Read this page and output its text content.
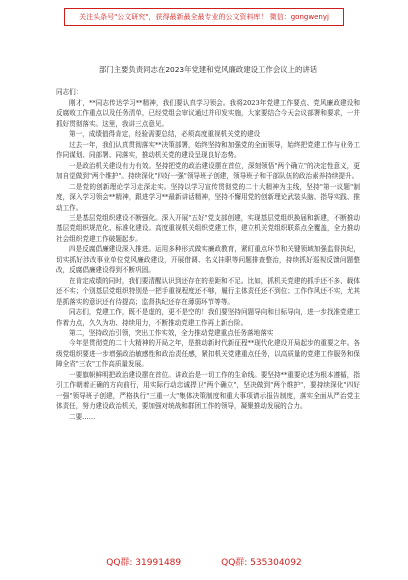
关注头条号"公文研究"，获得最新最全最专业的公文资料库！ 微信：gongwenyj
部门主要负责同志在2023年党建和党风廉政建设工作会议上的讲话
同志们：

刚才，**同志传达学习**精神，我们要认真学习领会。我将2023年党建工作要点、党风廉政建设和反腐败工作重点以及任务清单，已经党组会审议通过并印发实施，大家要结合今天会议部署和要求，一并抓好贯彻落实。这里，我讲三点意见。

第一，成绩值得肯定，经验需要总结，必须高度重视机关党的建设

过去一年，我们认真贯彻落实**决策部署，始终坚持和加强党的全面领导，始终把党建工作与业务工作同谋划、同部署、同落实，推动机关党的建设呈现良好态势。

一是政治机关建设有力有效。坚持把党的政治建设摆在首位，深刻领悟"两个确立"的决定性意义，更加自觉做到"两个维护"。持续深化"四好一强"领导班子创建，领导班子和干部队伍的政治素养持续提升。

二是党的创新理论学习走深走实。坚持以学习宣传贯彻党的二十大精神为主线，坚持"第一议题"制度，深入学习领会**精神，跟进学习**最新讲话精神，坚持不懈用党的创新理论武装头脑、指导实践、推动工作。

三是基层党组织建设不断强化。深入开展"五好"党支部创建，实现基层党组织换届和新建，不断推动基层党组织规范化、标准化建设。高度重视机关组织党建工作，建立机关党组织联系点全覆盖，全力推动社会组织党建工作破题起步。

四是反腐倡廉建设深入推进。运用多种形式做实廉政教育，紧盯重点环节和关键领域加强监督执纪，切实抓好涉改事业单位党风廉政建设，开展借调、名义挂职等问题排查整治，持续抓好巡视反馈问题整改，反腐倡廉建设得到不断巩固。

在肯定成绩的同时，我们要清醒认识到还存在的差距和不足。比如，抓机关党建的抓手还不多、载体还不实；个别基层党组织特别是一把手重视程度还不够，履行主体责任还不到位；工作作风还不实，尤其是抓落实的意识还有待提高；监督执纪还存在薄弱环节等等。

同志们，党建工作，既不是虚的，更不是空的！我们要坚持问题导向和目标导向，进一步找准党建工作着力点，久久为功、持续用力，不断推动党建工作再上新台阶。

第二，坚持政治引领，突出工作实效，全力推动党建重点任务落地落实

今年是贯彻党的二十大精神的开局之年，是推动新时代新征程**现代化建设开局起步的重要之年。各级党组织要进一步增强政治敏感性和政治责任感，紧扣机关党建重点任务，以高质量的党建工作服务和保障全省"三农"工作高质量发展。

一要旗帜鲜明把政治建设摆在首位。讲政治是一切工作的生命线。要坚持**重要论述为根本遵循，指引工作朝着正确的方向前行，用实际行动忠诚捍卫"两个确立"，坚决做到"两个维护"，要持续深化"四好一强"领导班子创建，严格执行"三重一大"集体决策制度和重大事项请示报告制度，落实全面从严治党主体责任，努力建设政治机关，要加强对统战和群团工作的领导，凝聚推动发展的合力。

二要……

QQ群: 31991489	QQ群: 535304092
